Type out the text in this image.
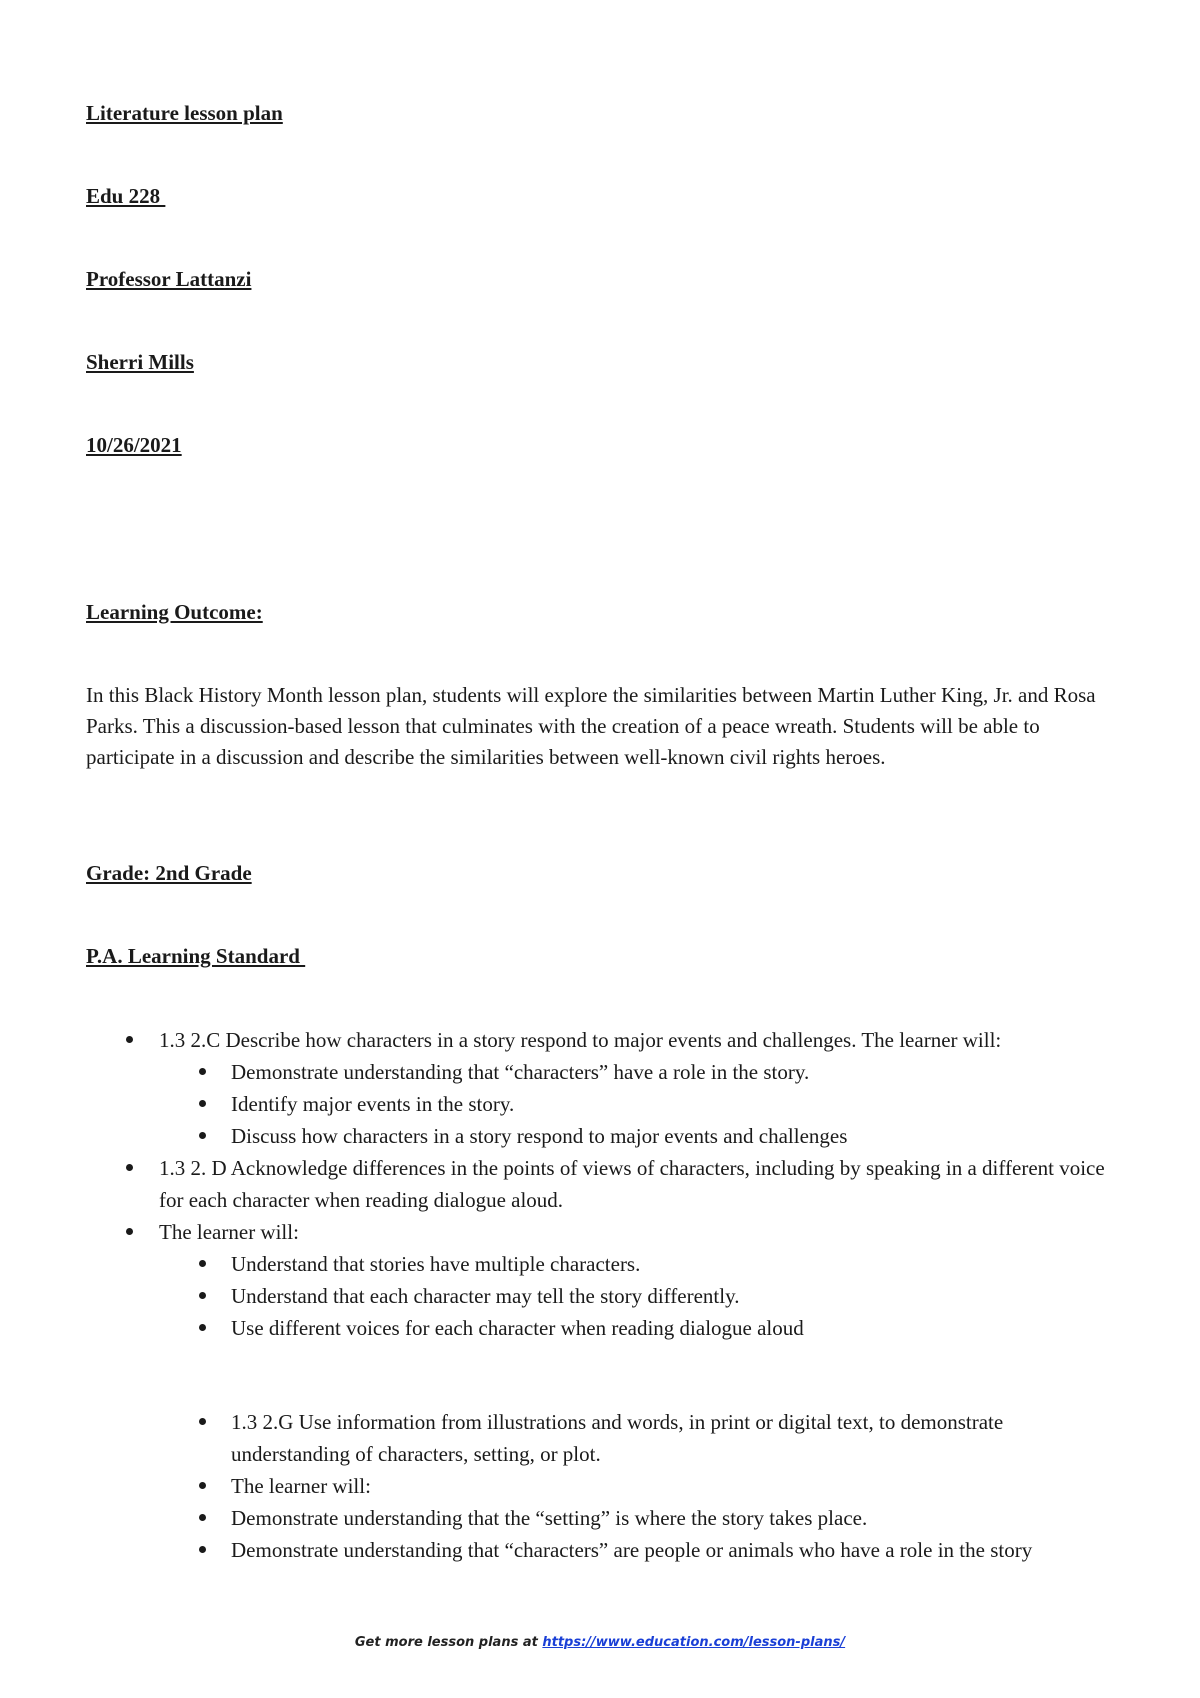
Literature lesson plan
Edu 228
Professor Lattanzi
Sherri Mills
10/26/2021
Learning Outcome:
In this Black History Month lesson plan, students will explore the similarities between Martin Luther King, Jr. and Rosa Parks. This a discussion-based lesson that culminates with the creation of a peace wreath. Students will be able to participate in a discussion and describe the similarities between well-known civil rights heroes.
Grade: 2nd Grade
P.A. Learning Standard
1.3 2.C Describe how characters in a story respond to major events and challenges. The learner will:
Demonstrate understanding that “characters” have a role in the story.
Identify major events in the story.
Discuss how characters in a story respond to major events and challenges
1.3 2. D Acknowledge differences in the points of views of characters, including by speaking in a different voice for each character when reading dialogue aloud.
The learner will:
Understand that stories have multiple characters.
Understand that each character may tell the story differently.
Use different voices for each character when reading dialogue aloud
1.3 2.G Use information from illustrations and words, in print or digital text, to demonstrate understanding of characters, setting, or plot.
The learner will:
Demonstrate understanding that the “setting” is where the story takes place.
Demonstrate understanding that “characters” are people or animals who have a role in the story
Get more lesson plans at https://www.education.com/lesson-plans/
